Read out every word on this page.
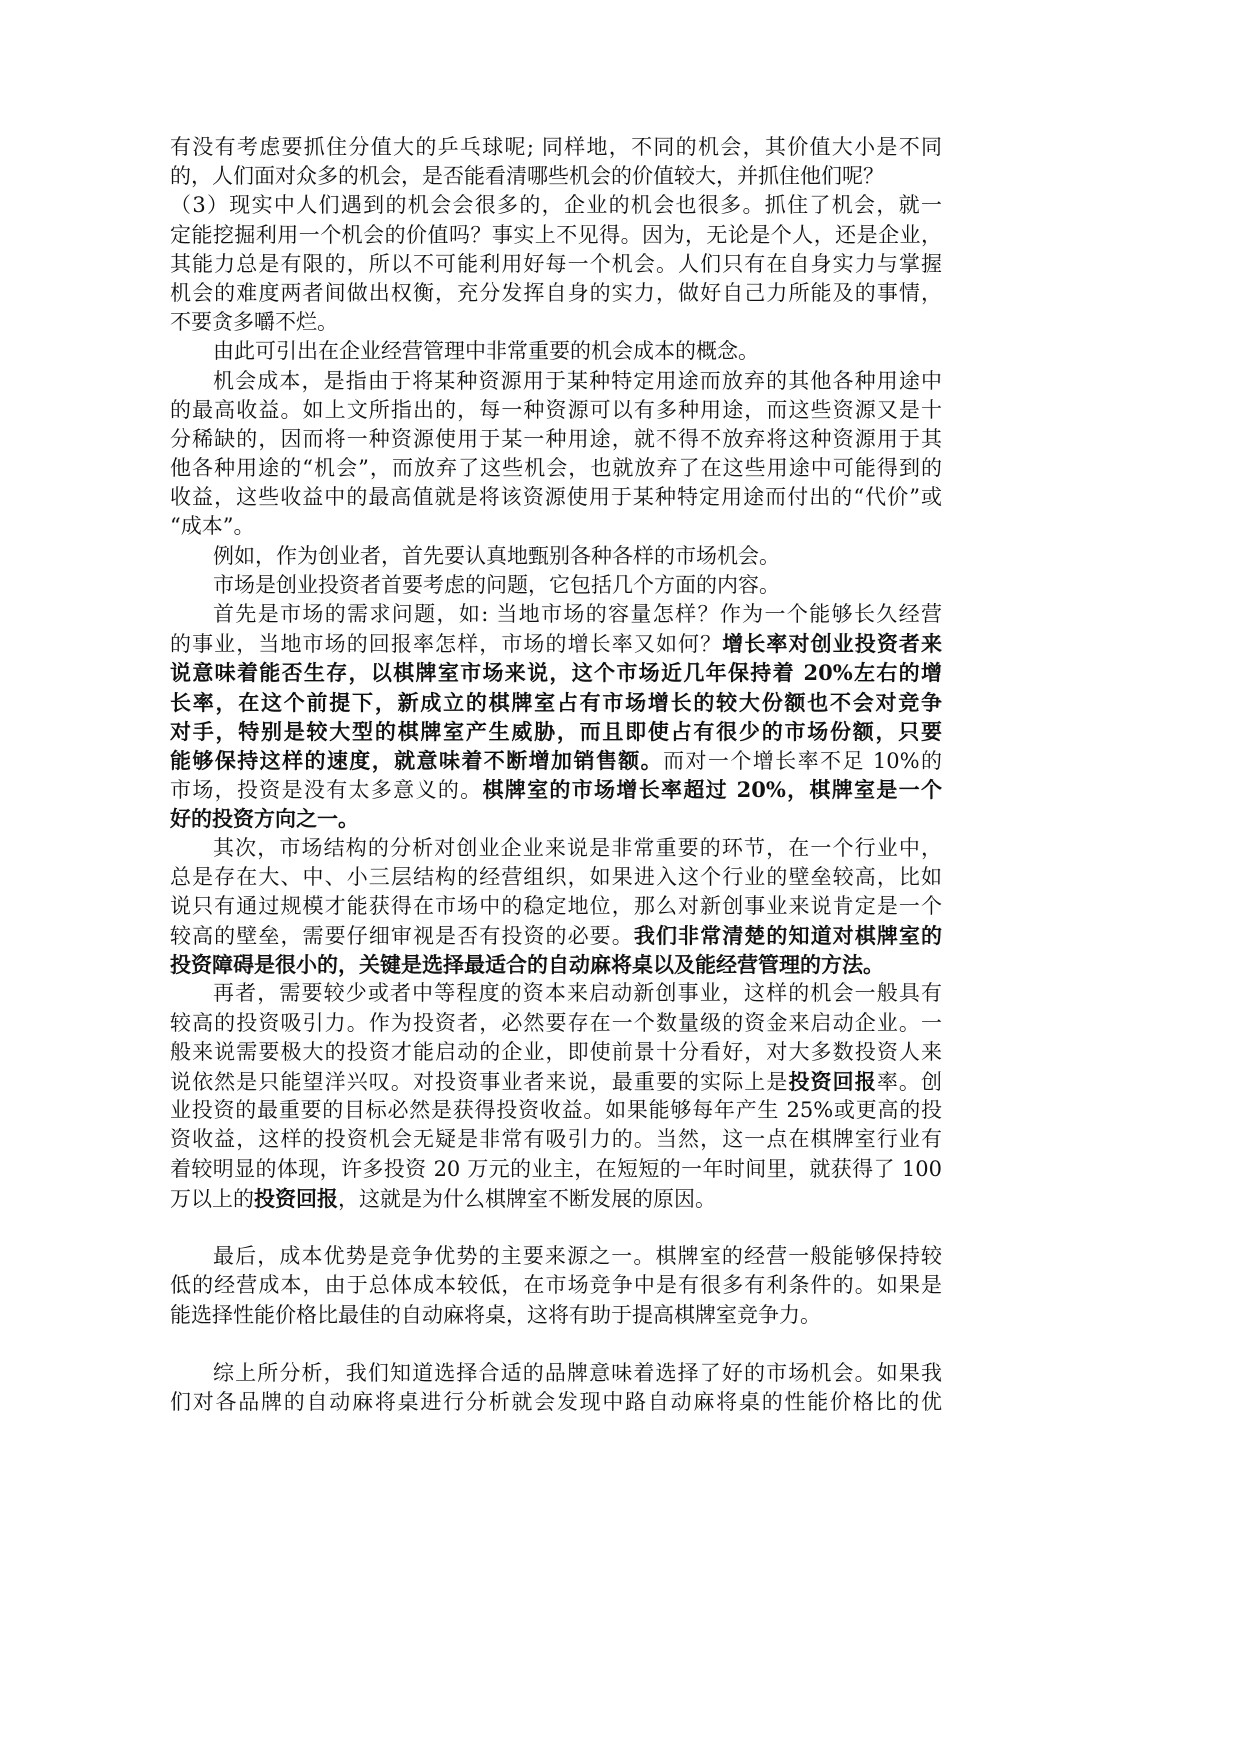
有没有考虑要抓住分值大的乒乓球呢; 同样地，不同的机会，其价值大小是不同
的，人们面对众多的机会，是否能看清哪些机会的价值较大，并抓住他们呢？
（3）现实中人们遇到的机会会很多的，企业的机会也很多。抓住了机会，就一
定能挖掘利用一个机会的价值吗？事实上不见得。因为，无论是个人，还是企业，
其能力总是有限的，所以不可能利用好每一个机会。人们只有在自身实力与掌握
机会的难度两者间做出权衡，充分发挥自身的实力，做好自己力所能及的事情，
不要贪多嚼不烂。
由此可引出在企业经营管理中非常重要的机会成本的概念。
机会成本，是指由于将某种资源用于某种特定用途而放弃的其他各种用途中
的最高收益。如上文所指出的，每一种资源可以有多种用途，而这些资源又是十
分稀缺的，因而将一种资源使用于某一种用途，就不得不放弃将这种资源用于其
他各种用途的“机会”，而放弃了这些机会，也就放弃了在这些用途中可能得到的
收益，这些收益中的最高值就是将该资源使用于某种特定用途而付出的“代价”或
“成本”。
例如，作为创业者，首先要认真地甄别各种各样的市场机会。
市场是创业投资者首要考虑的问题，它包括几个方面的内容。
首先是市场的需求问题，如: 当地市场的容量怎样？作为一个能够长久经营
的事业，当地市场的回报率怎样，市场的增长率又如何？增长率对创业投资者来
说意味着能否生存，以棋牌室市场来说，这个市场近几年保持着 20%左右的增
长率，在这个前提下，新成立的棋牌室占有市场增长的较大份额也不会对竞争
对手，特别是较大型的棋牌室产生威胁，而且即使占有很少的市场份额，只要
能够保持这样的速度，就意味着不断增加销售额。而对一个增长率不足 10%的
市场，投资是没有太多意义的。棋牌室的市场增长率超过 20%，棋牌室是一个
好的投资方向之一。
其次，市场结构的分析对创业企业来说是非常重要的环节，在一个行业中，
总是存在大、中、小三层结构的经营组织，如果进入这个行业的壁垒较高，比如
说只有通过规模才能获得在市场中的稳定地位，那么对新创事业来说肯定是一个
较高的壁垒，需要仔细审视是否有投资的必要。我们非常清楚的知道对棋牌室的
投资障碍是很小的，关键是选择最适合的自动麻将桌以及能经营管理的方法。
再者，需要较少或者中等程度的资本来启动新创事业，这样的机会一般具有
较高的投资吸引力。作为投资者，必然要存在一个数量级的资金来启动企业。一
般来说需要极大的投资才能启动的企业，即使前景十分看好，对大多数投资人来
说依然是只能望洋兴叹。对投资事业者来说，最重要的实际上是投资回报率。创
业投资的最重要的目标必然是获得投资收益。如果能够每年产生 25%或更高的投
资收益，这样的投资机会无疑是非常有吸引力的。当然，这一点在棋牌室行业有
着较明显的体现，许多投资 20 万元的业主，在短短的一年时间里，就获得了 100
万以上的投资回报，这就是为什么棋牌室不断发展的原因。
最后，成本优势是竞争优势的主要来源之一。棋牌室的经营一般能够保持较
低的经营成本，由于总体成本较低，在市场竞争中是有很多有利条件的。如果是
能选择性能价格比最佳的自动麻将桌，这将有助于提高棋牌室竞争力。
综上所分析，我们知道选择合适的品牌意味着选择了好的市场机会。如果我
们对各品牌的自动麻将桌进行分析就会发现中路自动麻将桌的性能价格比的优
